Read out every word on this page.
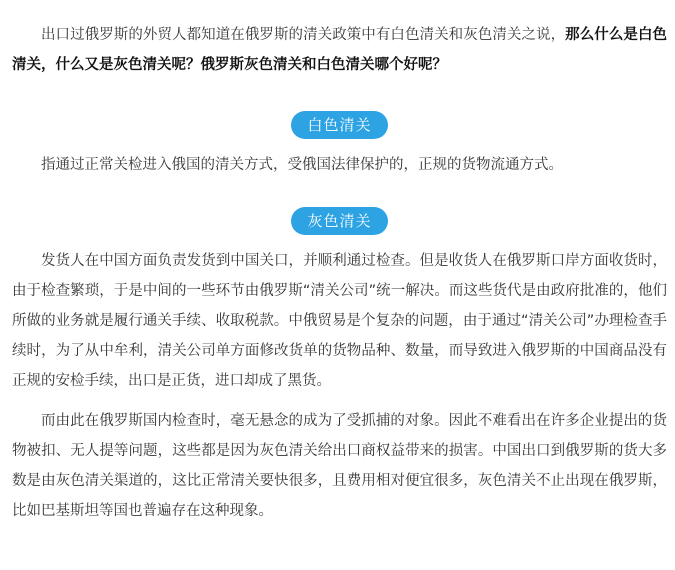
出口过俄罗斯的外贸人都知道在俄罗斯的清关政策中有白色清关和灰色清关之说，那么什么是白色清关，什么又是灰色清关呢？俄罗斯灰色清关和白色清关哪个好呢？

白色清关

指通过正常关检进入俄国的清关方式，受俄国法律保护的，正规的货物流通方式。

灰色清关

发货人在中国方面负责发货到中国关口，并顺利通过检查。但是收货人在俄罗斯口岸方面收货时，由于检查繁琐，于是中间的一些环节由俄罗斯“清关公司”统一解决。而这些货代是由政府批准的，他们所做的业务就是履行通关手续、收取税款。中俄贸易是个复杂的问题，由于通过“清关公司”办理检查手续时，为了从中牟利，清关公司单方面修改货单的货物品种、数量，而导致进入俄罗斯的中国商品没有正规的安检手续，出口是正货，进口却成了黑货。

而由此在俄罗斯国内检查时，毫无悬念的成为了受抓捕的对象。因此不难看出在许多企业提出的货物被扣、无人提等问题，这些都是因为灰色清关给出口商权益带来的损害。中国出口到俄罗斯的货大多数是由灰色清关渠道的，这比正常清关要快很多，且费用相对便宜很多，灰色清关不止出现在俄罗斯，比如巴基斯坦等国也普遍存在这种现象。
